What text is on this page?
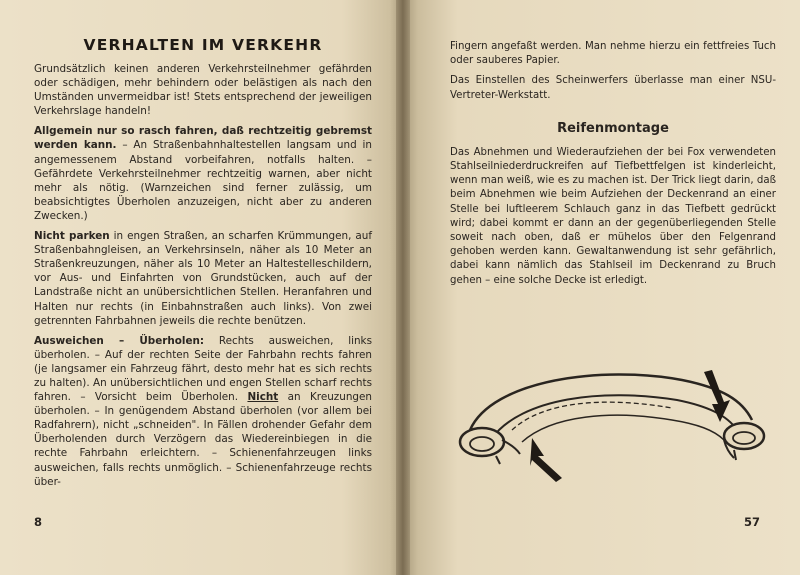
VERHALTEN IM VERKEHR

Grundsätzlich keinen anderen Verkehrsteilnehmer gefährden oder schädigen, mehr behindern oder belästigen als nach den Umständen unvermeidbar ist! Stets entsprechend der jeweiligen Verkehrslage handeln!

Allgemein nur so rasch fahren, daß rechtzeitig gebremst werden kann. – An Straßenbahnhaltestellen langsam und in angemessenem Abstand vorbeifahren, notfalls halten. – Gefährdete Verkehrsteilnehmer rechtzeitig warnen, aber nicht mehr als nötig. (Warnzeichen sind ferner zulässig, um beabsichtigtes Überholen anzuzeigen, nicht aber zu anderen Zwecken.)

Nicht parken in engen Straßen, an scharfen Krümmungen, auf Straßenbahngleisen, an Verkehrsinseln, näher als 10 Meter an Straßenkreuzungen, näher als 10 Meter an Haltestelleschildern, vor Aus- und Einfahrten von Grundstücken, auch auf der Landstraße nicht an unübersichtlichen Stellen. Heranfahren und Halten nur rechts (in Einbahnstraßen auch links). Von zwei getrennten Fahrbahnen jeweils die rechte benützen.

Ausweichen – Überholen: Rechts ausweichen, links überholen. – Auf der rechten Seite der Fahrbahn rechts fahren (je langsamer ein Fahrzeug fährt, desto mehr hat es sich rechts zu halten). An unübersichtlichen und engen Stellen scharf rechts fahren. – Vorsicht beim Überholen. Nicht an Kreuzungen überholen. – In genügendem Abstand überholen (vor allem bei Radfahrern), nicht „schneiden". In Fällen drohender Gefahr dem Überholenden durch Verzögern das Wiedereinbiegen in die rechte Fahrbahn erleichtern. – Schienenfahrzeugen links ausweichen, falls rechts unmöglich. – Schienenfahrzeuge rechts über-

8

Fingern angefaßt werden. Man nehme hierzu ein fettfreies Tuch oder sauberes Papier.

Das Einstellen des Scheinwerfers überlasse man einer NSU-Vertreter-Werkstatt.

Reifenmontage

Das Abnehmen und Wiederaufziehen der bei Fox verwendeten Stahlseilniederdruckreifen auf Tiefbettfelgen ist kinderleicht, wenn man weiß, wie es zu machen ist. Der Trick liegt darin, daß beim Abnehmen wie beim Aufziehen der Deckenrand an einer Stelle bei luftleerem Schlauch ganz in das Tiefbett gedrückt wird; dabei kommt er dann an der gegenüberliegenden Stelle soweit nach oben, daß er mühelos über den Felgenrand gehoben werden kann. Gewaltanwendung ist sehr gefährlich, dabei kann nämlich das Stahlseil im Deckenrand zu Bruch gehen – eine solche Decke ist erledigt.

57
